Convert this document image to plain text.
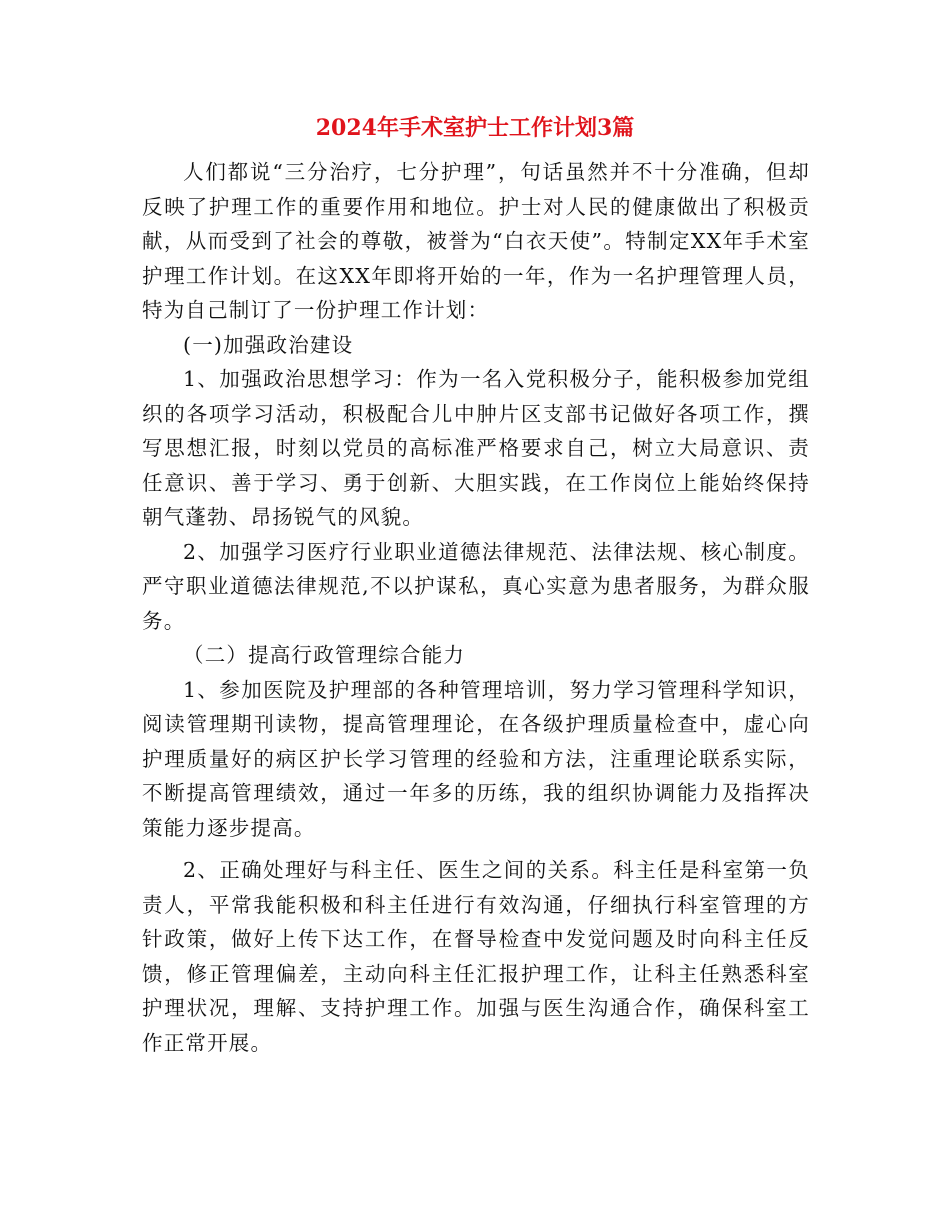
2024年手术室护士工作计划3篇

人们都说“三分治疗，七分护理”，句话虽然并不十分准确，但却反映了护理工作的重要作用和地位。护士对人民的健康做出了积极贡献，从而受到了社会的尊敬，被誉为“白衣天使”。特制定XX年手术室护理工作计划。在这XX年即将开始的一年，作为一名护理管理人员，特为自己制订了一份护理工作计划：

(一)加强政治建设

1、加强政治思想学习：作为一名入党积极分子，能积极参加党组织的各项学习活动，积极配合儿中肿片区支部书记做好各项工作，撰写思想汇报，时刻以党员的高标准严格要求自己，树立大局意识、责任意识、善于学习、勇于创新、大胆实践，在工作岗位上能始终保持朝气蓬勃、昂扬锐气的风貌。

2、加强学习医疗行业职业道德法律规范、法律法规、核心制度。严守职业道德法律规范,不以护谋私，真心实意为患者服务，为群众服务。

（二）提高行政管理综合能力

1、参加医院及护理部的各种管理培训，努力学习管理科学知识，阅读管理期刊读物，提高管理理论，在各级护理质量检查中，虚心向护理质量好的病区护长学习管理的经验和方法，注重理论联系实际，不断提高管理绩效，通过一年多的历练，我的组织协调能力及指挥决策能力逐步提高。

2、正确处理好与科主任、医生之间的关系。科主任是科室第一负责人，平常我能积极和科主任进行有效沟通，仔细执行科室管理的方针政策，做好上传下达工作，在督导检查中发觉问题及时向科主任反馈，修正管理偏差，主动向科主任汇报护理工作，让科主任熟悉科室护理状况，理解、支持护理工作。加强与医生沟通合作，确保科室工作正常开展。
